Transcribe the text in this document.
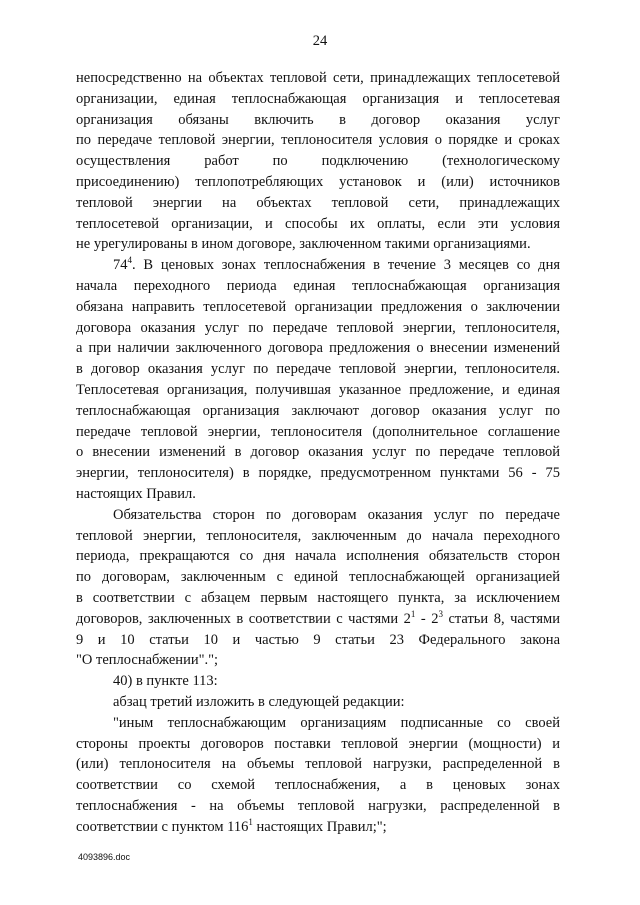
24
непосредственно на объектах тепловой сети, принадлежащих теплосетевой
организации, единая теплоснабжающая организация и теплосетевая
организация обязаны включить в договор оказания услуг
по передаче тепловой энергии, теплоносителя условия о порядке и сроках
осуществления работ по подключению (технологическому
присоединению) теплопотребляющих установок и (или) источников
тепловой энергии на объектах тепловой сети, принадлежащих
теплосетевой организации, и способы их оплаты, если эти условия
не урегулированы в ином договоре, заключенном такими организациями.
$74^4$. В ценовых зонах теплоснабжения в течение 3 месяцев со дня
начала переходного периода единая теплоснабжающая организация
обязана направить теплосетевой организации предложения о заключении
договора оказания услуг по передаче тепловой энергии, теплоносителя,
а при наличии заключенного договора предложения о внесении изменений
в договор оказания услуг по передаче тепловой энергии, теплоносителя.
Теплосетевая организация, получившая указанное предложение, и единая
теплоснабжающая организация заключают договор оказания услуг по
передаче тепловой энергии, теплоносителя (дополнительное соглашение
о внесении изменений в договор оказания услуг по передаче тепловой
энергии, теплоносителя) в порядке, предусмотренном пунктами 56 - 75
настоящих Правил.
Обязательства сторон по договорам оказания услуг по передаче
тепловой энергии, теплоносителя, заключенным до начала переходного
периода, прекращаются со дня начала исполнения обязательств сторон
по договорам, заключенным с единой теплоснабжающей организацией
в соответствии с абзацем первым настоящего пункта, за исключением
договоров, заключенных в соответствии с частями $2^1 - 2^3$ статьи 8, частями
9 и 10 статьи 10 и частью 9 статьи 23 Федерального закона
"О теплоснабжении".";
40) в пункте 113:
абзац третий изложить в следующей редакции:
"иным теплоснабжающим организациям подписанные со своей
стороны проекты договоров поставки тепловой энергии (мощности) и
(или) теплоносителя на объемы тепловой нагрузки, распределенной в
соответствии со схемой теплоснабжения, а в ценовых зонах
теплоснабжения - на объемы тепловой нагрузки, распределенной в
соответствии с пунктом $116^1$ настоящих Правил;";
4093896.doc
